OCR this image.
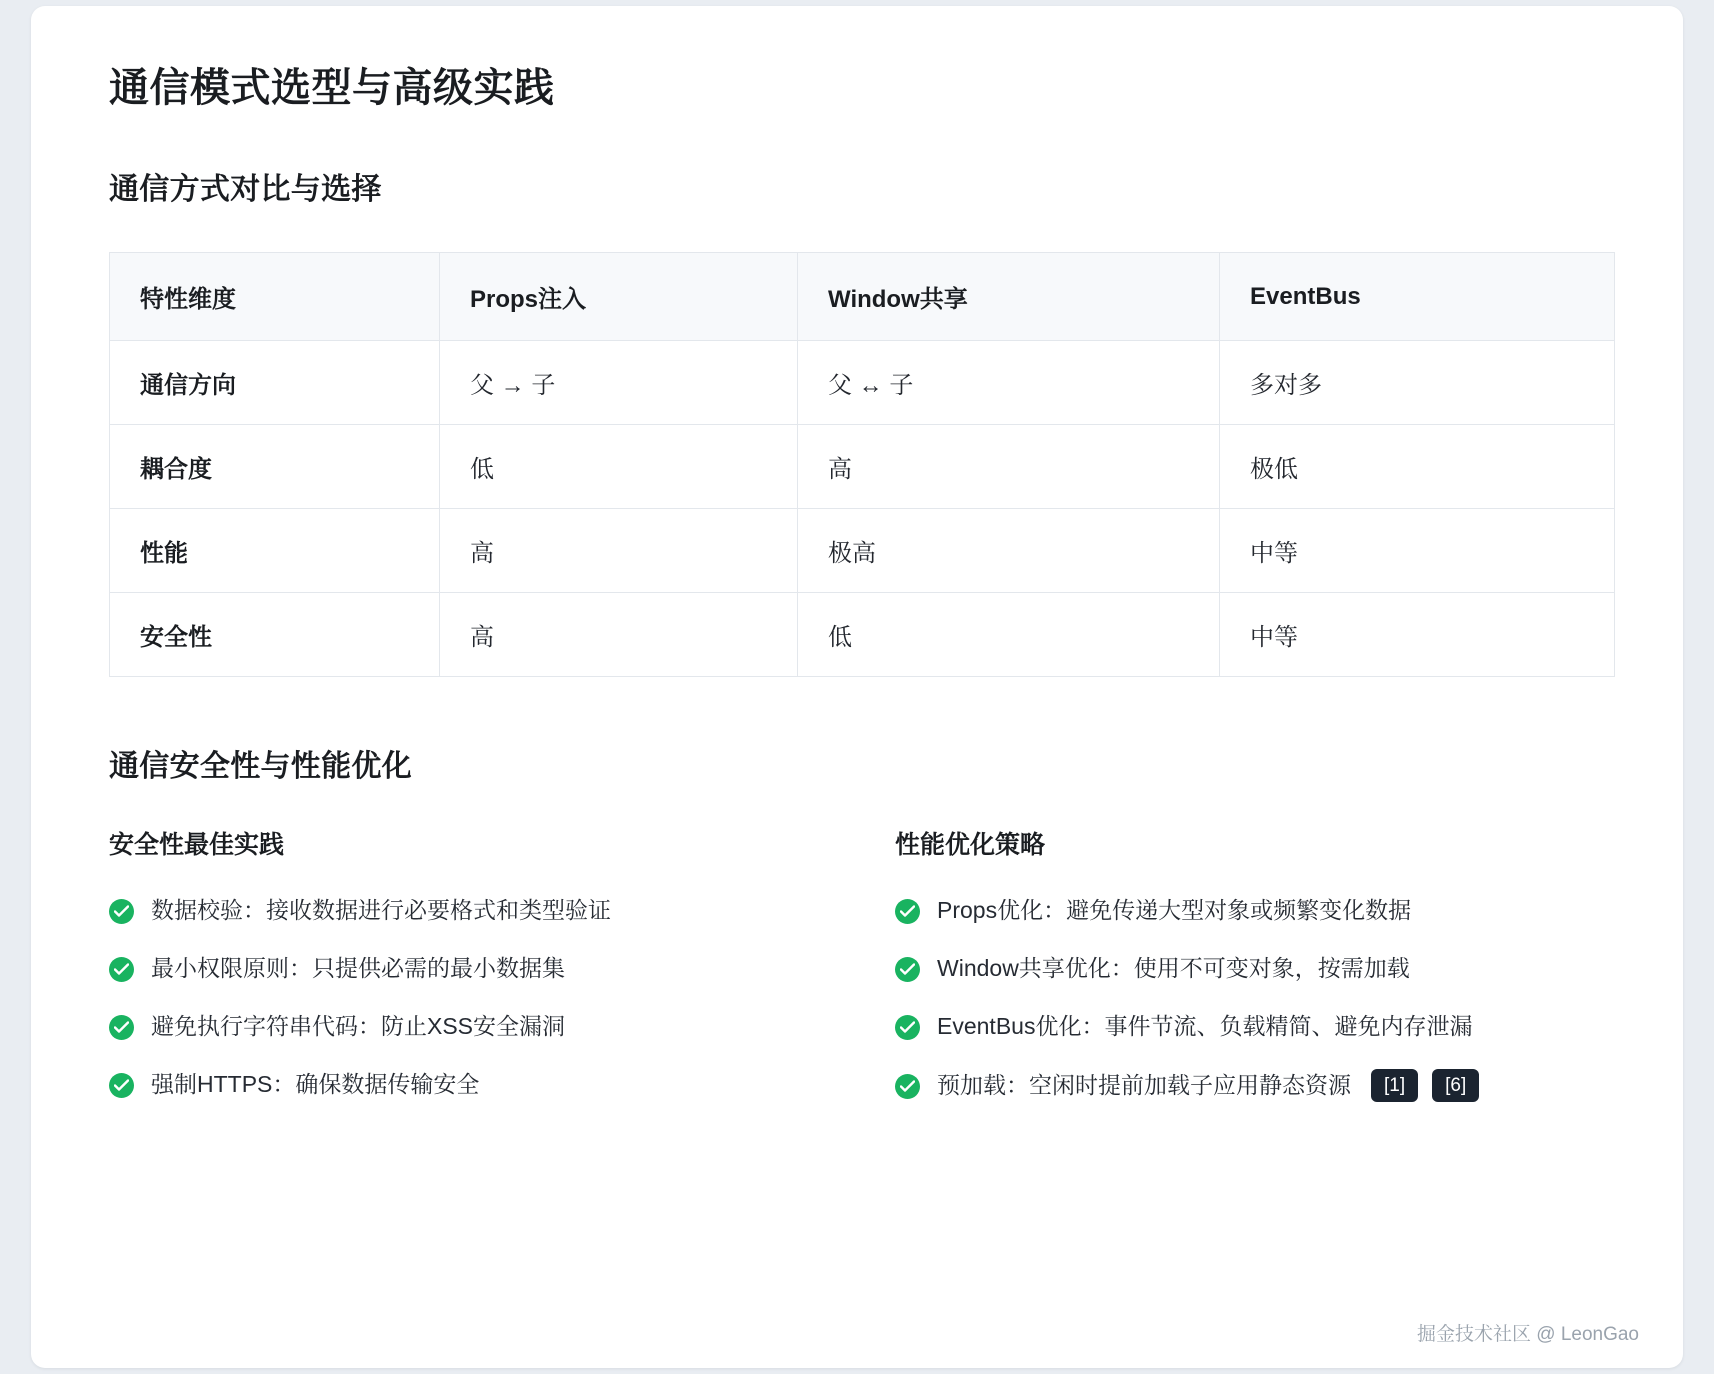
通信模式选型与高级实践
通信方式对比与选择
特性维度	Props注入	Window共享	EventBus
通信方向	父 → 子	父 ↔ 子	多对多
耦合度	低	高	极低
性能	高	极高	中等
安全性	高	低	中等
通信安全性与性能优化
安全性最佳实践
数据校验：接收数据进行必要格式和类型验证
最小权限原则：只提供必需的最小数据集
避免执行字符串代码：防止XSS安全漏洞
强制HTTPS：确保数据传输安全
性能优化策略
Props优化：避免传递大型对象或频繁变化数据
Window共享优化：使用不可变对象，按需加载
EventBus优化：事件节流、负载精简、避免内存泄漏
预加载：空闲时提前加载子应用静态资源	[1]	[6]
掘金技术社区 @ LeonGao
